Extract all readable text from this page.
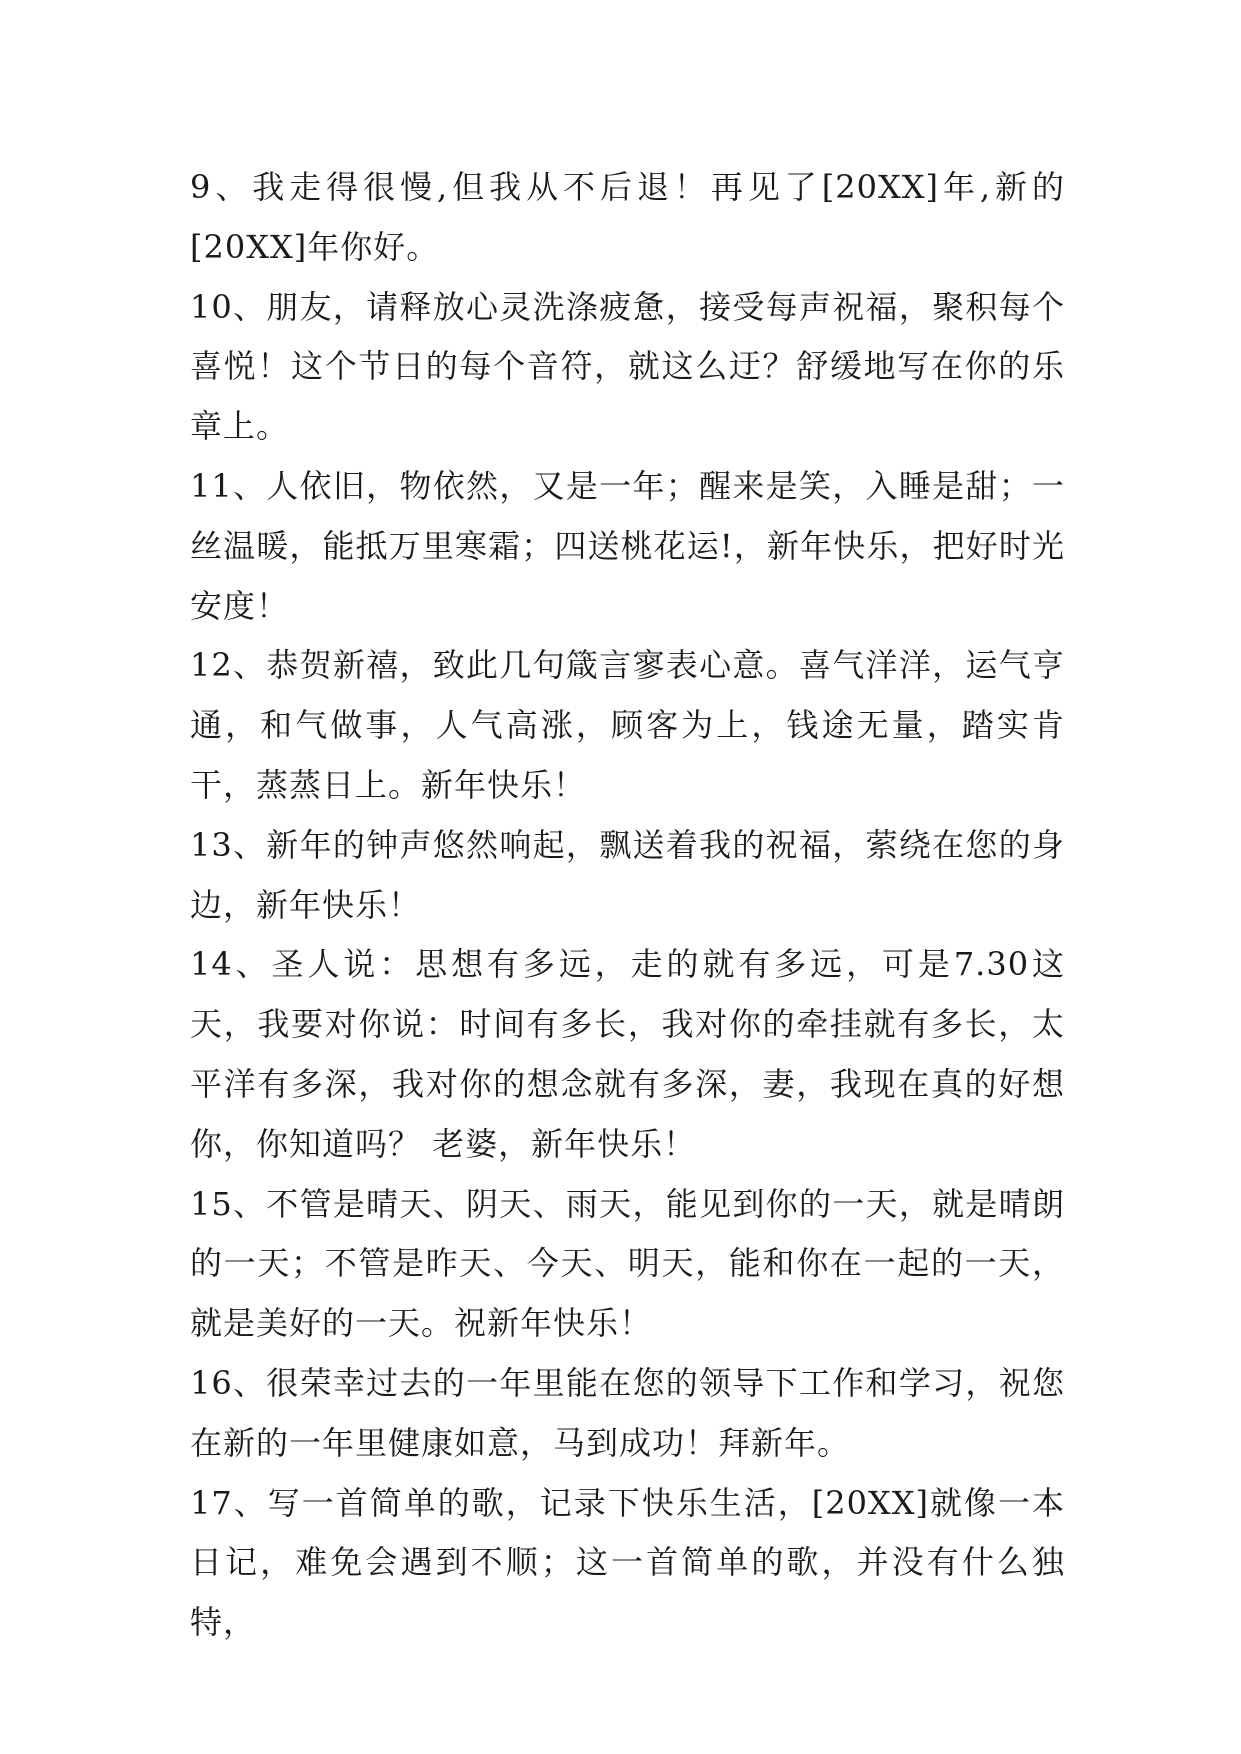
9、我走得很慢,但我从不后退！再见了[20XX]年,新的[20XX]年你好。

10、朋友，请释放心灵洗涤疲惫，接受每声祝福，聚积每个喜悦！这个节日的每个音符，就这么迂？舒缓地写在你的乐章上。

11、人依旧，物依然，又是一年；醒来是笑，入睡是甜；一丝温暖，能抵万里寒霜；四送桃花运!，新年快乐，把好时光安度！

12、恭贺新禧，致此几句箴言寥表心意。喜气洋洋，运气亨通，和气做事，人气高涨，顾客为上，钱途无量，踏实肯干，蒸蒸日上。新年快乐！

13、新年的钟声悠然响起，飘送着我的祝福，萦绕在您的身边，新年快乐！

14、圣人说：思想有多远，走的就有多远，可是7.30这天，我要对你说：时间有多长，我对你的牵挂就有多长，太平洋有多深，我对你的想念就有多深，妻，我现在真的好想你，你知道吗？ 老婆，新年快乐！

15、不管是晴天、阴天、雨天，能见到你的一天，就是晴朗的一天；不管是昨天、今天、明天，能和你在一起的一天，就是美好的一天。祝新年快乐！

16、很荣幸过去的一年里能在您的领导下工作和学习，祝您在新的一年里健康如意，马到成功！拜新年。

17、写一首简单的歌，记录下快乐生活，[20XX]就像一本日记，难免会遇到不顺；这一首简单的歌，并没有什么独特，
